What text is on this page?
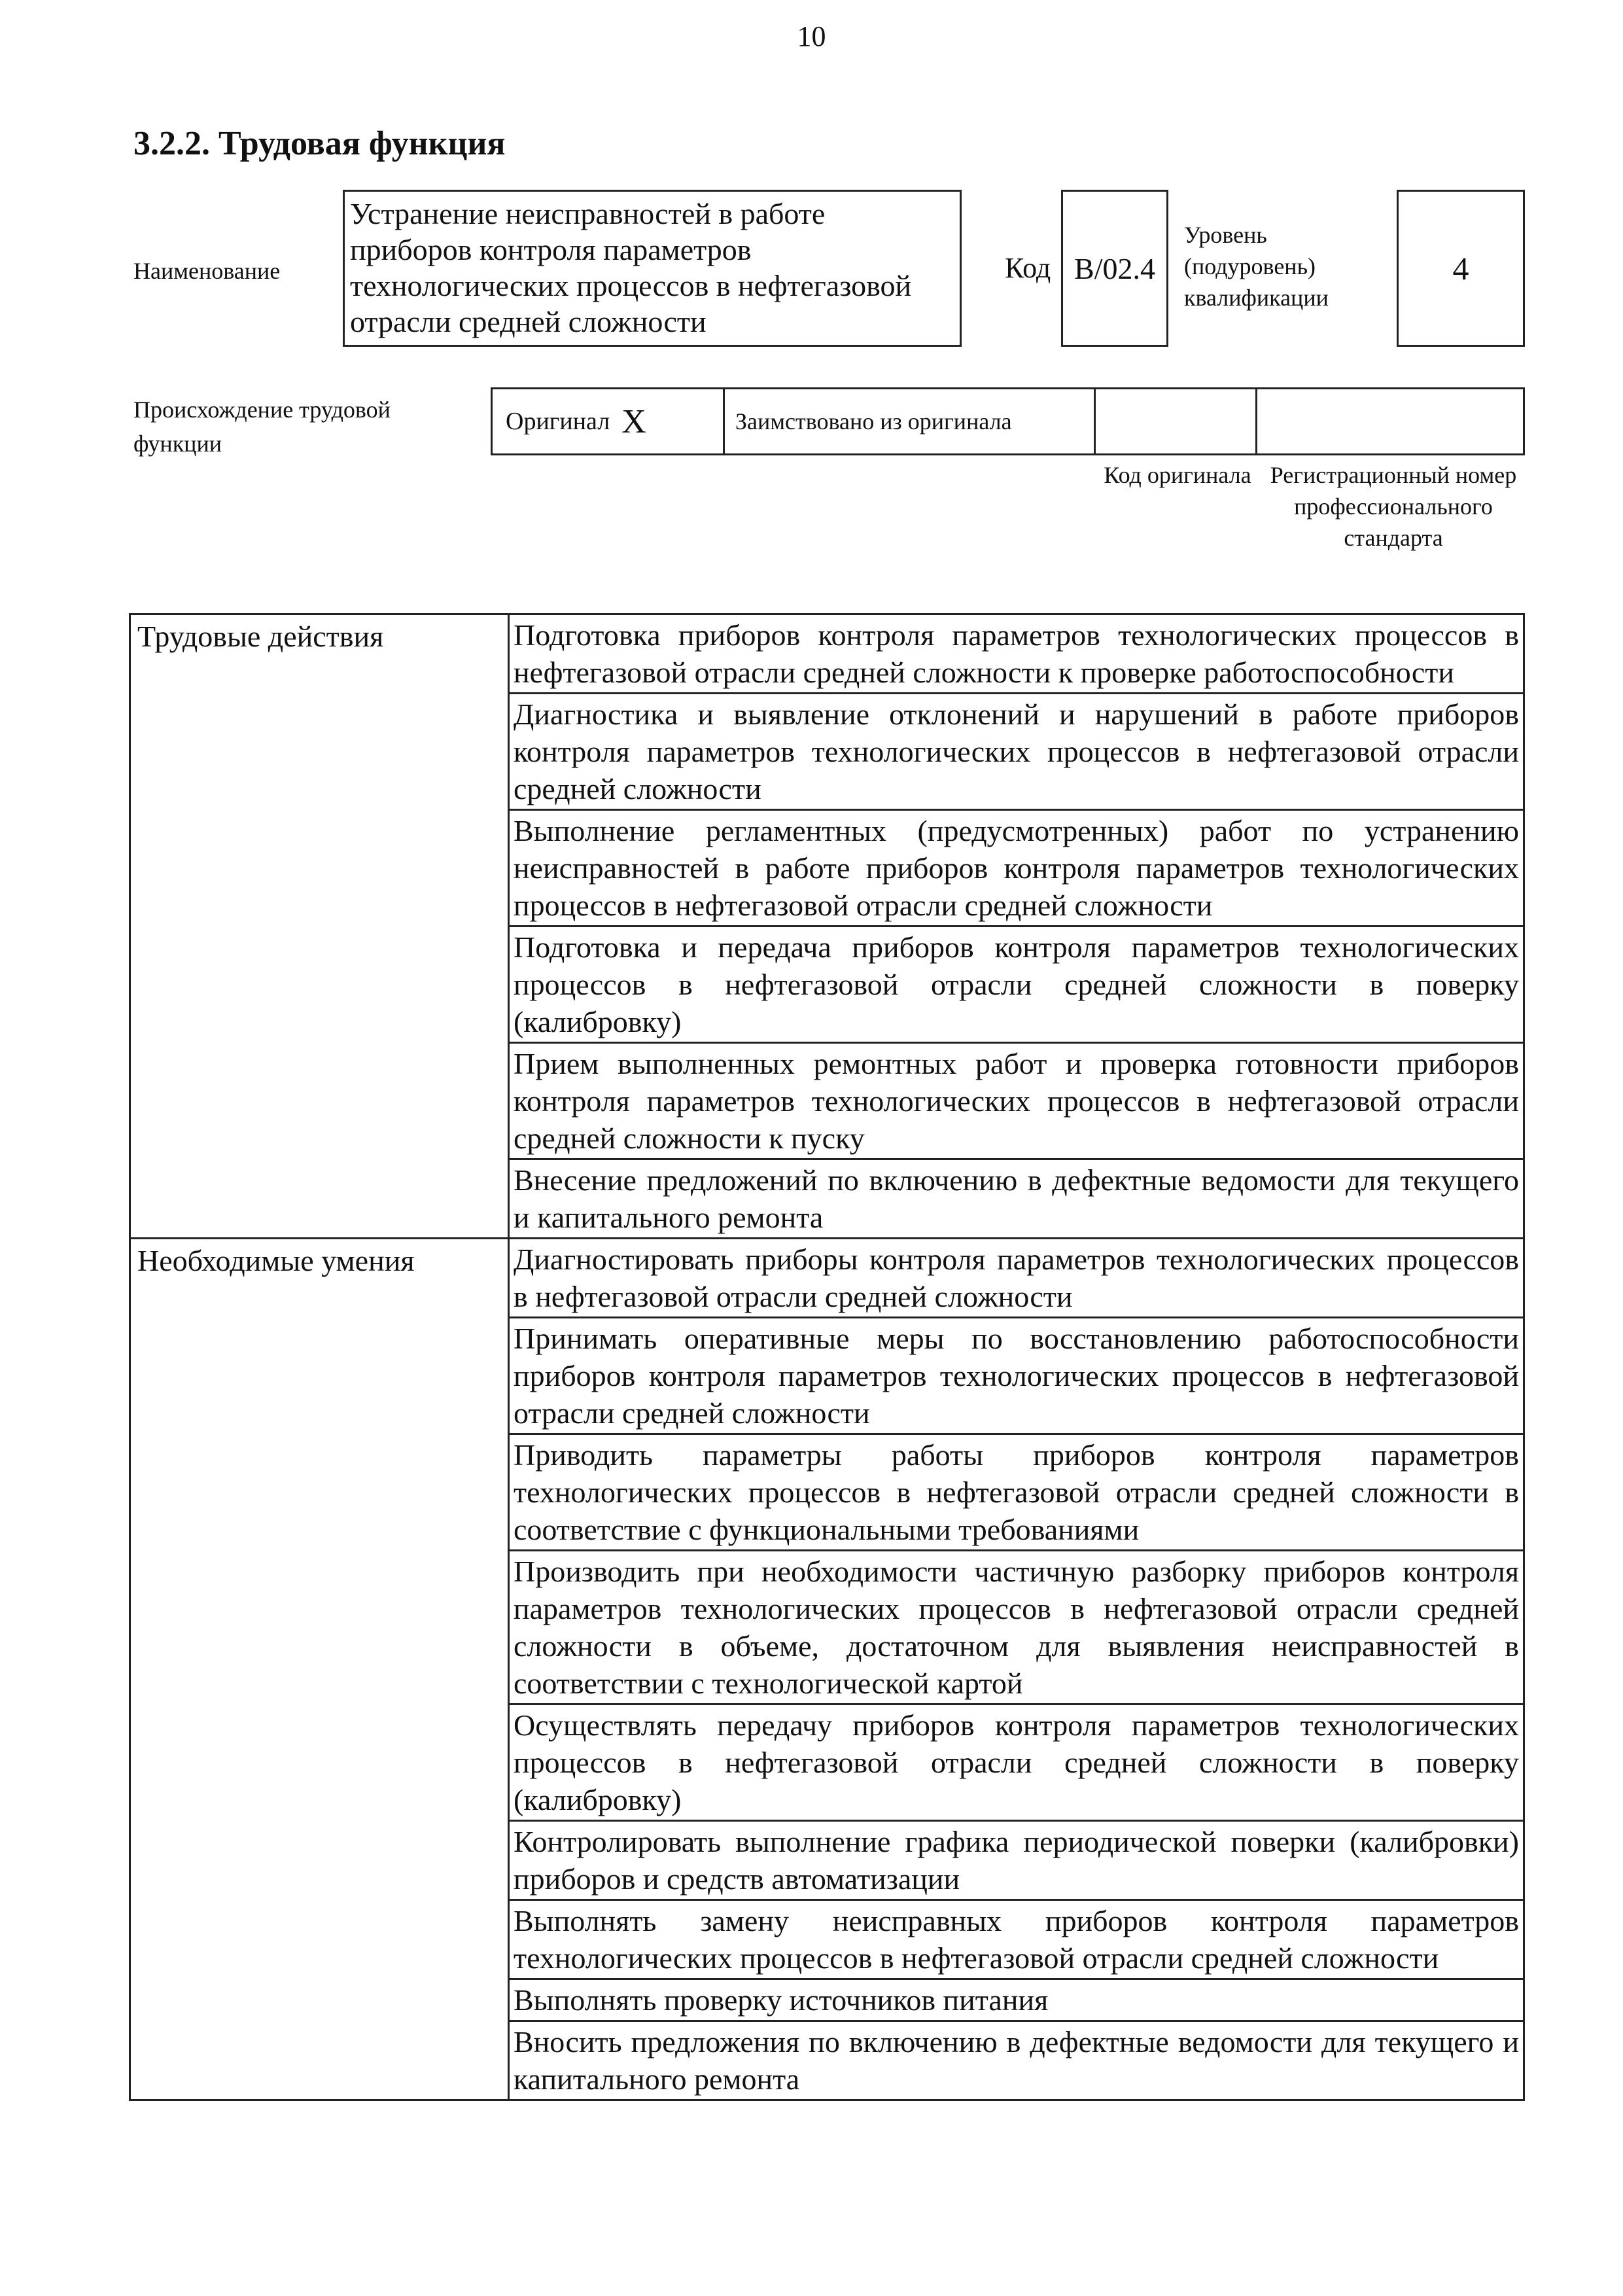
10
3.2.2. Трудовая функция
Наименование
Устранение неисправностей в работе приборов контроля параметров технологических процессов в нефтегазовой отрасли средней сложности
Код B/02.4
Уровень
(подуровень)
квалификации
4
Происхождение трудовой функции
Оригинал X	Заимствовано из оригинала
Код оригинала Регистрационный номер профессионального стандарта
Трудовые действия	Подготовка приборов контроля параметров технологических процессов в нефтегазовой отрасли средней сложности к проверке работоспособности
	Диагностика и выявление отклонений и нарушений в работе приборов контроля параметров технологических процессов в нефтегазовой отрасли средней сложности
	Выполнение регламентных (предусмотренных) работ по устранению неисправностей в работе приборов контроля параметров технологических процессов в нефтегазовой отрасли средней сложности
	Подготовка и передача приборов контроля параметров технологических процессов в нефтегазовой отрасли средней сложности в поверку (калибровку)
	Прием выполненных ремонтных работ и проверка готовности приборов контроля параметров технологических процессов в нефтегазовой отрасли средней сложности к пуску
	Внесение предложений по включению в дефектные ведомости для текущего и капитального ремонта
Необходимые умения	Диагностировать приборы контроля параметров технологических процессов в нефтегазовой отрасли средней сложности
	Принимать оперативные меры по восстановлению работоспособности приборов контроля параметров технологических процессов в нефтегазовой отрасли средней сложности
	Приводить параметры работы приборов контроля параметров технологических процессов в нефтегазовой отрасли средней сложности в соответствие с функциональными требованиями
	Производить при необходимости частичную разборку приборов контроля параметров технологических процессов в нефтегазовой отрасли средней сложности в объеме, достаточном для выявления неисправностей в соответствии с технологической картой
	Осуществлять передачу приборов контроля параметров технологических процессов в нефтегазовой отрасли средней сложности в поверку (калибровку)
	Контролировать выполнение графика периодической поверки (калибровки) приборов и средств автоматизации
	Выполнять замену неисправных приборов контроля параметров технологических процессов в нефтегазовой отрасли средней сложности
	Выполнять проверку источников питания
	Вносить предложения по включению в дефектные ведомости для текущего и капитального ремонта
